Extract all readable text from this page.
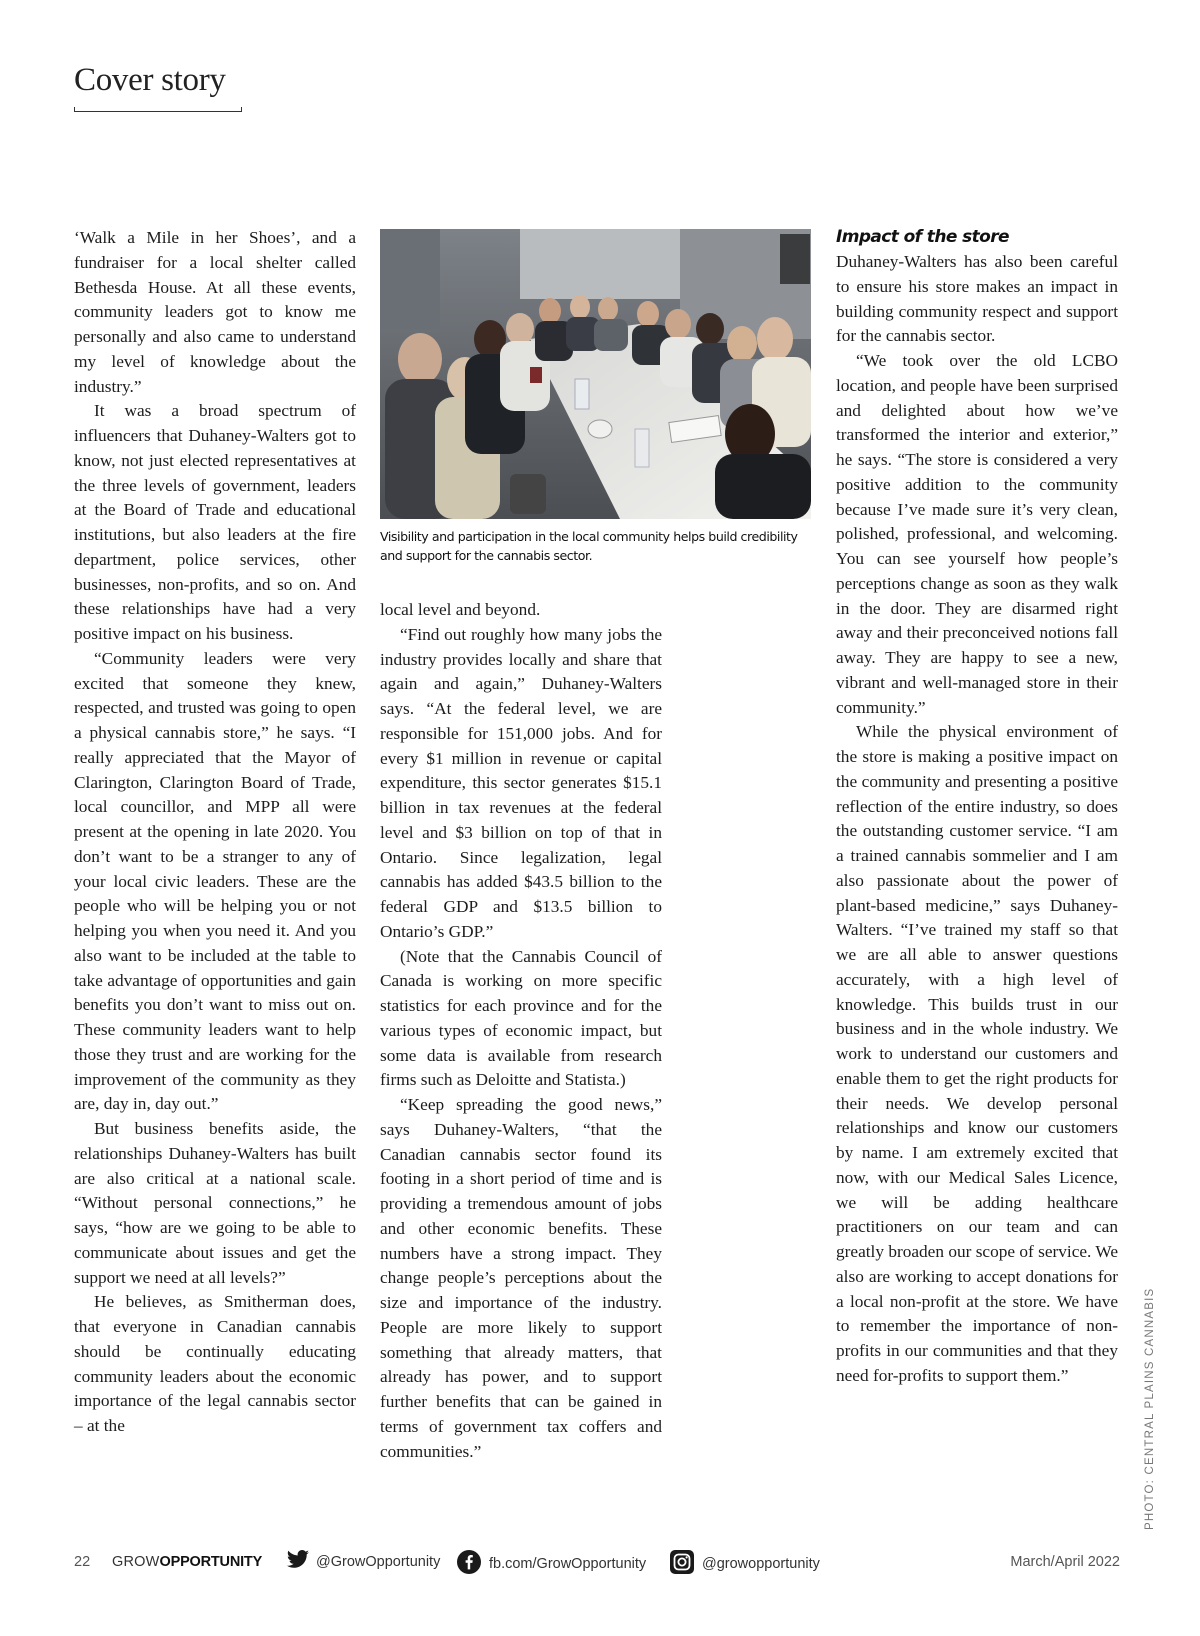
Cover story

‘Walk a Mile in her Shoes’, and a fundraiser for a local shelter called Bethesda House. At all these events, community leaders got to know me personally and also came to understand my level of knowledge about the industry.”

It was a broad spectrum of influencers that Duhaney-Walters got to know, not just elected representatives at the three levels of government, leaders at the Board of Trade and educational institutions, but also leaders at the fire department, police services, other businesses, non-profits, and so on. And these relationships have had a very positive impact on his business.

“Community leaders were very excited that someone they knew, respected, and trusted was going to open a physical cannabis store,” he says. “I really appreciated that the Mayor of Clarington, Clarington Board of Trade, local councillor, and MPP all were present at the opening in late 2020. You don’t want to be a stranger to any of your local civic leaders. These are the people who will be helping you or not helping you when you need it. And you also want to be included at the table to take advantage of opportunities and gain benefits you don’t want to miss out on. These community leaders want to help those they trust and are working for the improvement of the community as they are, day in, day out.”

But business benefits aside, the relationships Duhaney-Walters has built are also critical at a national scale. “Without personal connections,” he says, “how are we going to be able to communicate about issues and get the support we need at all levels?”

He believes, as Smitherman does, that everyone in Canadian cannabis should be continually educating community leaders about the economic importance of the legal cannabis sector – at the

Visibility and participation in the local community helps build credibility and support for the cannabis sector.
PHOTO: CENTRAL PLAINS CANNABIS

local level and beyond.

“Find out roughly how many jobs the industry provides locally and share that again and again,” Duhaney-Walters says. “At the federal level, we are responsible for 151,000 jobs. And for every $1 million in revenue or capital expenditure, this sector generates $15.1 billion in tax revenues at the federal level and $3 billion on top of that in Ontario. Since legalization, legal cannabis has added $43.5 billion to the federal GDP and $13.5 billion to Ontario’s GDP.”

(Note that the Cannabis Council of Canada is working on more specific statistics for each province and for the various types of economic impact, but some data is available from research firms such as Deloitte and Statista.)

“Keep spreading the good news,” says Duhaney-Walters, “that the Canadian cannabis sector found its footing in a short period of time and is providing a tremendous amount of jobs and other economic benefits. These numbers have a strong impact. They change people’s perceptions about the size and importance of the industry. People are more likely to support something that already matters, that already has power, and to support further benefits that can be gained in terms of government tax coffers and communities.”

Impact of the store

Duhaney-Walters has also been careful to ensure his store makes an impact in building community respect and support for the cannabis sector.

“We took over the old LCBO location, and people have been surprised and delighted about how we’ve transformed the interior and exterior,” he says. “The store is considered a very positive addition to the community because I’ve made sure it’s very clean, polished, professional, and welcoming. You can see yourself how people’s perceptions change as soon as they walk in the door. They are disarmed right away and their preconceived notions fall away. They are happy to see a new, vibrant and well-managed store in their community.”

While the physical environment of the store is making a positive impact on the community and presenting a positive reflection of the entire industry, so does the outstanding customer service. “I am a trained cannabis sommelier and I am also passionate about the power of plant-based medicine,” says Duhaney-Walters. “I’ve trained my staff so that we are all able to answer questions accurately, with a high level of knowledge. This builds trust in our business and in the whole industry. We work to understand our customers and enable them to get the right products for their needs. We develop personal relationships and know our customers by name. I am extremely excited that now, with our Medical Sales Licence, we will be adding healthcare practitioners on our team and can greatly broaden our scope of service. We also are working to accept donations for a local non-profit at the store. We have to remember the importance of non-profits in our communities and that they need for-profits to support them.”

22 GROWOPPORTUNITY	@GrowOpportunity	fb.com/GrowOpportunity	@growopportunity	March/April 2022
